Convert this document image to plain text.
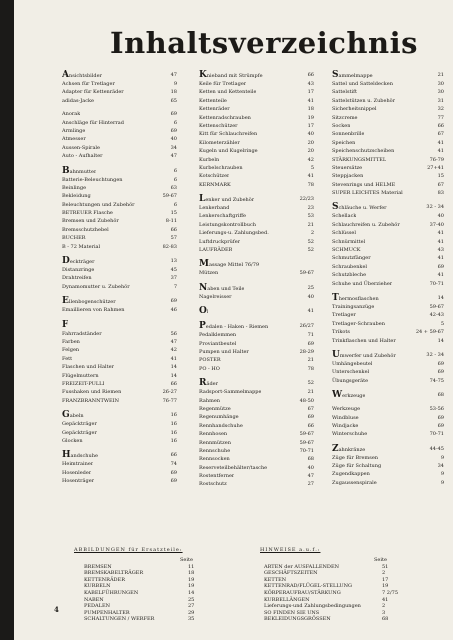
Inhaltsverzeichnis
Ansichtsbilder	47
Achsen für Tretlager	9
Adapter für Kettenräder	18
adidas-Jacke	65
Anorak	69
Anschläge für Hinterrad	6
Armlinge	69
Atmesser	40
Aussen-Spirale	34
Auto - Aufhalter	47
Bahnmutter	6
Batterie-Beleuchtungen	6
Beinlinge	63
Bekleidung	59-67
Beleuchtungen und Zubehör	6
BETREUER Flasche	15
Bremsen und Zubehör	8-11
Bremsschutzhebel	66
BUCHER	57
B - 72 Material	82-83
Deckträger	13
Distanzringe	45
Drahtreifen	37
Dynamomutter u. Zubehör	7
Ellenbogenschützer	69
Emaillieren von Rahmen	46
F
Fahrradständer	56
Farben	47
Felgen	42
Fett	41
Flaschen und Halter	14
Flügelmuttern	14
FREIZEIT-PULLI	66
Fusshaken und Riemen	26-27
FRANZBRANNTWEIN	76-77
Gabeln	16
Gepäckträger	16
Gepäckträger	16
Glocken	16
Handschuhe	66
Heimtrainer	74
Hosenleder	69
Hosenträger	69
Knieband mit Strümpfe	66
Keile für Tretlager	43
Ketten und Kettenteile	17
Kettenteile	41
Kettenräder	18
Kettenradschrauben	19
Kettenschützer	17
Kitt für Schlauchreifen	40
Kilometerzähler	20
Kugeln und Kugelringe	20
Kurbeln	42
Kurbelschrauben	5
Kotschützer	41
KERNMARK	78
Lenker und Zubehör	22/23
Lenkerband	23
Lenkerschaftgriffe	53
Leistungskontrollbuch	21
Lieferungs-u. Zahlungsbed.	2
Luftdruckprüfer	52
LAUFRÄDER	52
Massage Mittel 76/79
Mützen	59-67
Naben und Teile	25
Nagelreisser	40
Öl	41
Pedalen - Haken - Riemen	26/27
Pedalklemmen	71
Proviantbeutel	69
Pumpen und Halter	28-29
POSTER	21
PO - HO	78
Räder	52
Radsport-Sammelmappe	21
Rahmen	48-50
Regenmütze	67
Regenumhänge	69
Rennhandschuhe	66
Rennhosen	59-67
Rennmützen	59-67
Rennschuhe	70-71
Rennsocken	68
Reserveteilbehälter/tasche	40
Rostentferner	47
Rostschutz	27
Sammelmappe	21
Sattel und Satteldecken	30
Sattelstift	30
Sattelstützen u. Zubehör	31
Sicherheitsnippel	32
Sitzcreme	77
Socken	66
Sonnenbrille	67
Speichen	41
Speichenschutzscheiben	41
STÄRKUNGSMITTEL	76-79
Steuersätze	27+41
Steppjacken	15
Stevenrings und HELME	67
SUPER LEICHTES Material	83
Schläuche u. Werfer	32 - 34
Schellack	40
Schlauchreifen u. Zubehör	37-40
Schlüssel	41
Schnürmittel	41
SCHMUCK	43
Schmutzfänger	41
Schraubenkel	69
Schutzbleche	41
Schuhe und Überzieher	70-71
Thermosflaschen	14
Trainingsanzüge	59-67
Tretlager	42-43
Tretlager-Schrauben	5
Trikots	24 + 59-67
Trinkflaschen und Halter	14
Umwerfer und Zubehör	32 - 34
Umhängebeutel	69
Unterschenkel	69
Übungsgeräte	74-75
Werkzeuge	68
Werkzeuge	53-56
Windbluse	69
Windjacke	69
Winterschuhe	70-71
Zahnkränze	44-45
Züge für Bremsen	9
Züge für Schaltung	34
Zugendkappen	9
Zugaussenspirale	9
ABBILDUNGEN für Ersatzteile:	HINWEISE a.u.f.:
Seite
BREMSEN	11
BREMSKABELTRÄGER	18
KETTENRÄDER	19
KURBELN	19
KABELFÜHRUNGEN	14
NABEN	25
PEDALEN	27
PUMPENHALTER	29
SCHALTUNGEN / WERFER	35
Seite
ARTEN der AUSFALLENDEN	51
GESCHÄFTSZEITEN	2
KETTEN	17
KETTENRAD/FLÜGEL-STELLUNG	19
KÖRPERAUFBAU/STÄRKUNG	7 2/75
KURBELLÄNGEN	41
Lieferungs-und Zahlungsbedingungen	2
SO FINDEN SIE UNS	3
BEKLEIDUNGSGRÖSSEN	68
4
